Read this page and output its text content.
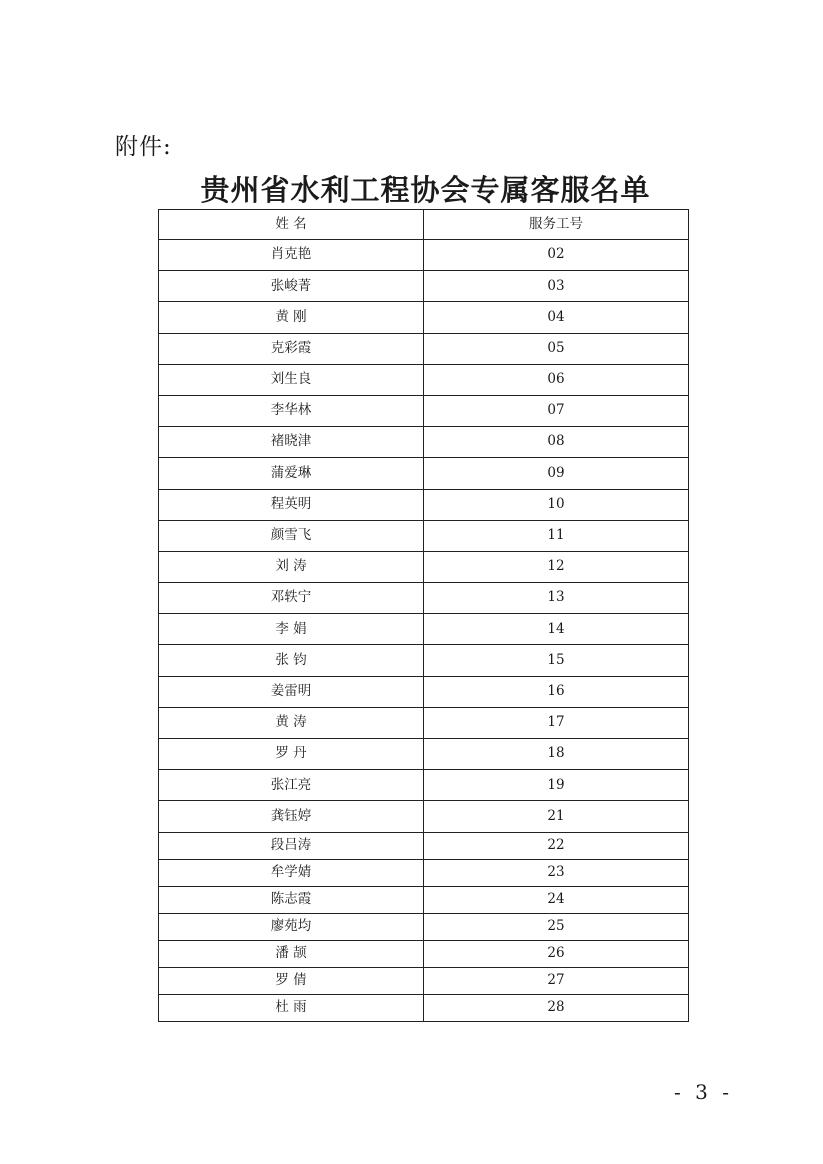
附件:
贵州省水利工程协会专属客服名单
姓 名	服务工号
肖克艳	02
张峻菁	03
黄 刚	04
克彩霞	05
刘生良	06
李华林	07
褚晓津	08
蒲爱琳	09
程英明	10
颜雪飞	11
刘 涛	12
邓轶宁	13
李 娟	14
张 钧	15
姜雷明	16
黄 涛	17
罗 丹	18
张江亮	19
龚钰婷	21
段吕涛	22
牟学婧	23
陈志霞	24
廖苑均	25
潘 颉	26
罗 倩	27
杜 雨	28
- 3 -
